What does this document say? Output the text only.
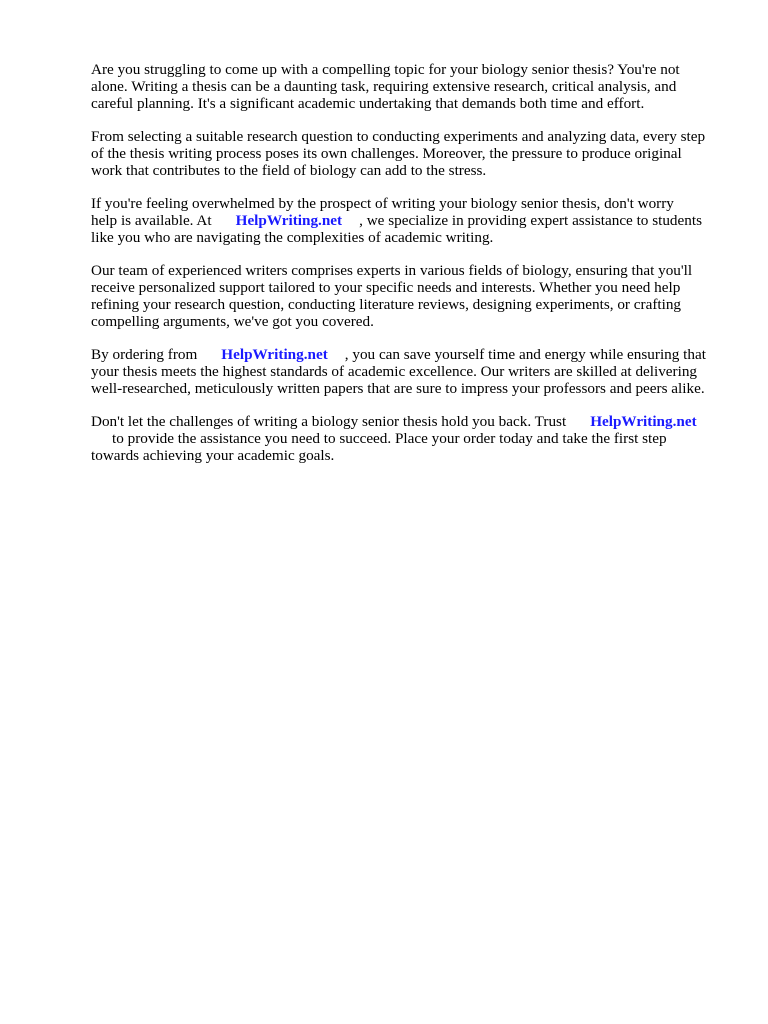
Are you struggling to come up with a compelling topic for your biology senior thesis? You're not
alone. Writing a thesis can be a daunting task, requiring extensive research, critical analysis, and
careful planning. It's a significant academic undertaking that demands both time and effort.

From selecting a suitable research question to conducting experiments and analyzing data, every step
of the thesis writing process poses its own challenges. Moreover, the pressure to produce original
work that contributes to the field of biology can add to the stress.

If you're feeling overwhelmed by the prospect of writing your biology senior thesis, don't worry
help is available. At HelpWriting.net , we specialize in providing expert assistance to students
like you who are navigating the complexities of academic writing.

Our team of experienced writers comprises experts in various fields of biology, ensuring that you'll
receive personalized support tailored to your specific needs and interests. Whether you need help
refining your research question, conducting literature reviews, designing experiments, or crafting
compelling arguments, we've got you covered.

By ordering from HelpWriting.net , you can save yourself time and energy while ensuring that
your thesis meets the highest standards of academic excellence. Our writers are skilled at delivering
well-researched, meticulously written papers that are sure to impress your professors and peers alike.

Don't let the challenges of writing a biology senior thesis hold you back. Trust HelpWriting.net
to provide the assistance you need to succeed. Place your order today and take the first step
towards achieving your academic goals.
